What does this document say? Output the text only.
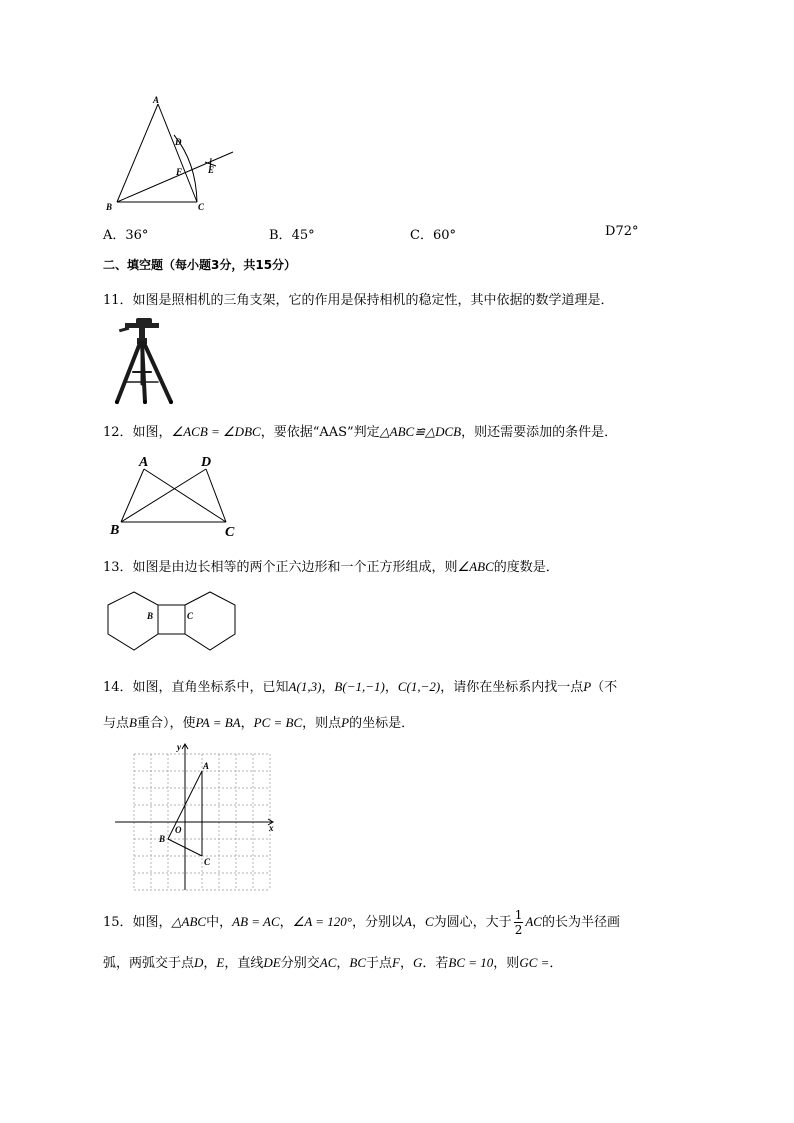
A
B	C
D
E
F
A．36°	B．45°	C．60°	D72°
二、填空题（每小题3分，共15分）
11．如图是照相机的三角支架，它的作用是保持相机的稳定性，其中依据的数学道理是．
12．如图，∠ACB = ∠DBC，要依据“AAS”判定△ABC≌△DCB，则还需要添加的条件是．
A	D
B	C
13．如图是由边长相等的两个正六边形和一个正方形组成，则∠ABC的度数是．
B	C
14．如图，直角坐标系中，已知A(1,3)，B(−1,−1)，C(1,−2)，请你在坐标系内找一点P（不
与点B重合），使PA = BA，PC = BC，则点P的坐标是．
x
y
O
A
B
C
15．如图，△ABC中，AB = AC，∠A = 120°，分别以A，C为圆心，大于 $\frac{1}{2}$ AC的长为半径画
弧，两弧交于点D，E，直线DE分别交AC，BC于点F，G．若BC = 10，则GC =．
